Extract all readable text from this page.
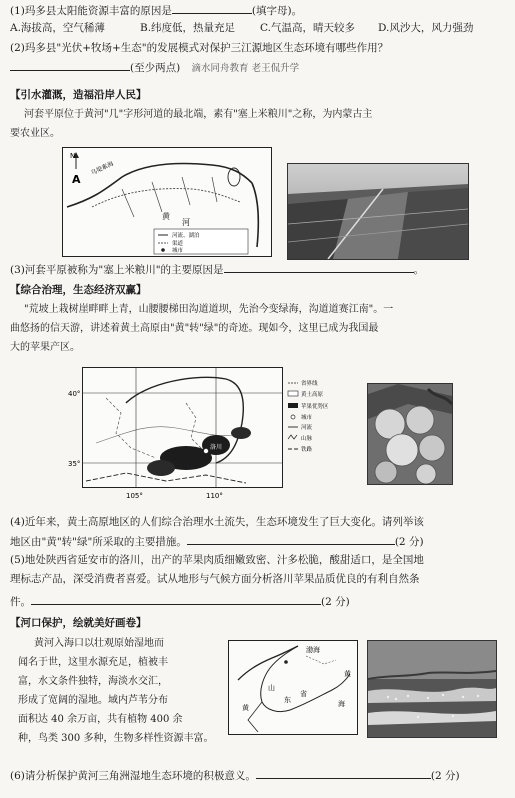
(1)玛多县太阳能资源丰富的原因是	(填字母)。
A.海拔高，空气稀薄	B.纬度低，热量充足 C.气温高，晴天较多 D.风沙大，风力强劲
(2)玛多县"光伏+牧场+生态"的发展模式对保护三江源地区生态环境有哪些作用？
(至少两点) 滴水同舟教育 老王侃升学
【引水灌溉，造福沿岸人民】
河套平原位于黄河"几"字形河道的最北端，素有"塞上米粮川"之称，为内蒙古主
要农业区。
N
A
乌梁素海
黄
河
河流、湖泊
渠道
城市
(3)河套平原被称为"塞上米粮川"的主要原因是	。
【综合治理，生态经济双赢】
"荒坡上栽树崖畔畔上青，山腰腰梯田沟道道坝，先治今变绿海，沟道道赛江南"。一
曲悠扬的信天游，讲述着黄土高原由"黄"转"绿"的奇迹。现如今，这里已成为我国最
大的苹果产区。
洛川
40°
35°
105°	110°
省界线
黄土高原
苹果优势区
城市
河流
山脉
铁路
(4)近年来，黄土高原地区的人们综合治理水土流失，生态环境发生了巨大变化。请列举该
地区由"黄"转"绿"所采取的主要措施。	(2 分)
(5)地处陕西省延安市的洛川，出产的苹果肉质细嫩致密、汁多松脆，酸甜适口，是全国地
理标志产品，深受消费者喜爱。试从地形与气候方面分析洛川苹果品质优良的有利自然条
件。	(2 分)
【河口保护，绘就美好画卷】
黄河入海口以壮观原始湿地而
闻名于世，这里水源充足，植被丰
富，水文条件独特，海淡水交汇，
形成了宽阔的湿地。域内芦苇分布
面积达 40 余万亩，共有植物 400 余
种，鸟类 300 多种，生物多样性资源丰富。
渤海
黄
海
山
东
省
黄
(6)请分析保护黄河三角洲湿地生态环境的积极意义。	(2 分)
